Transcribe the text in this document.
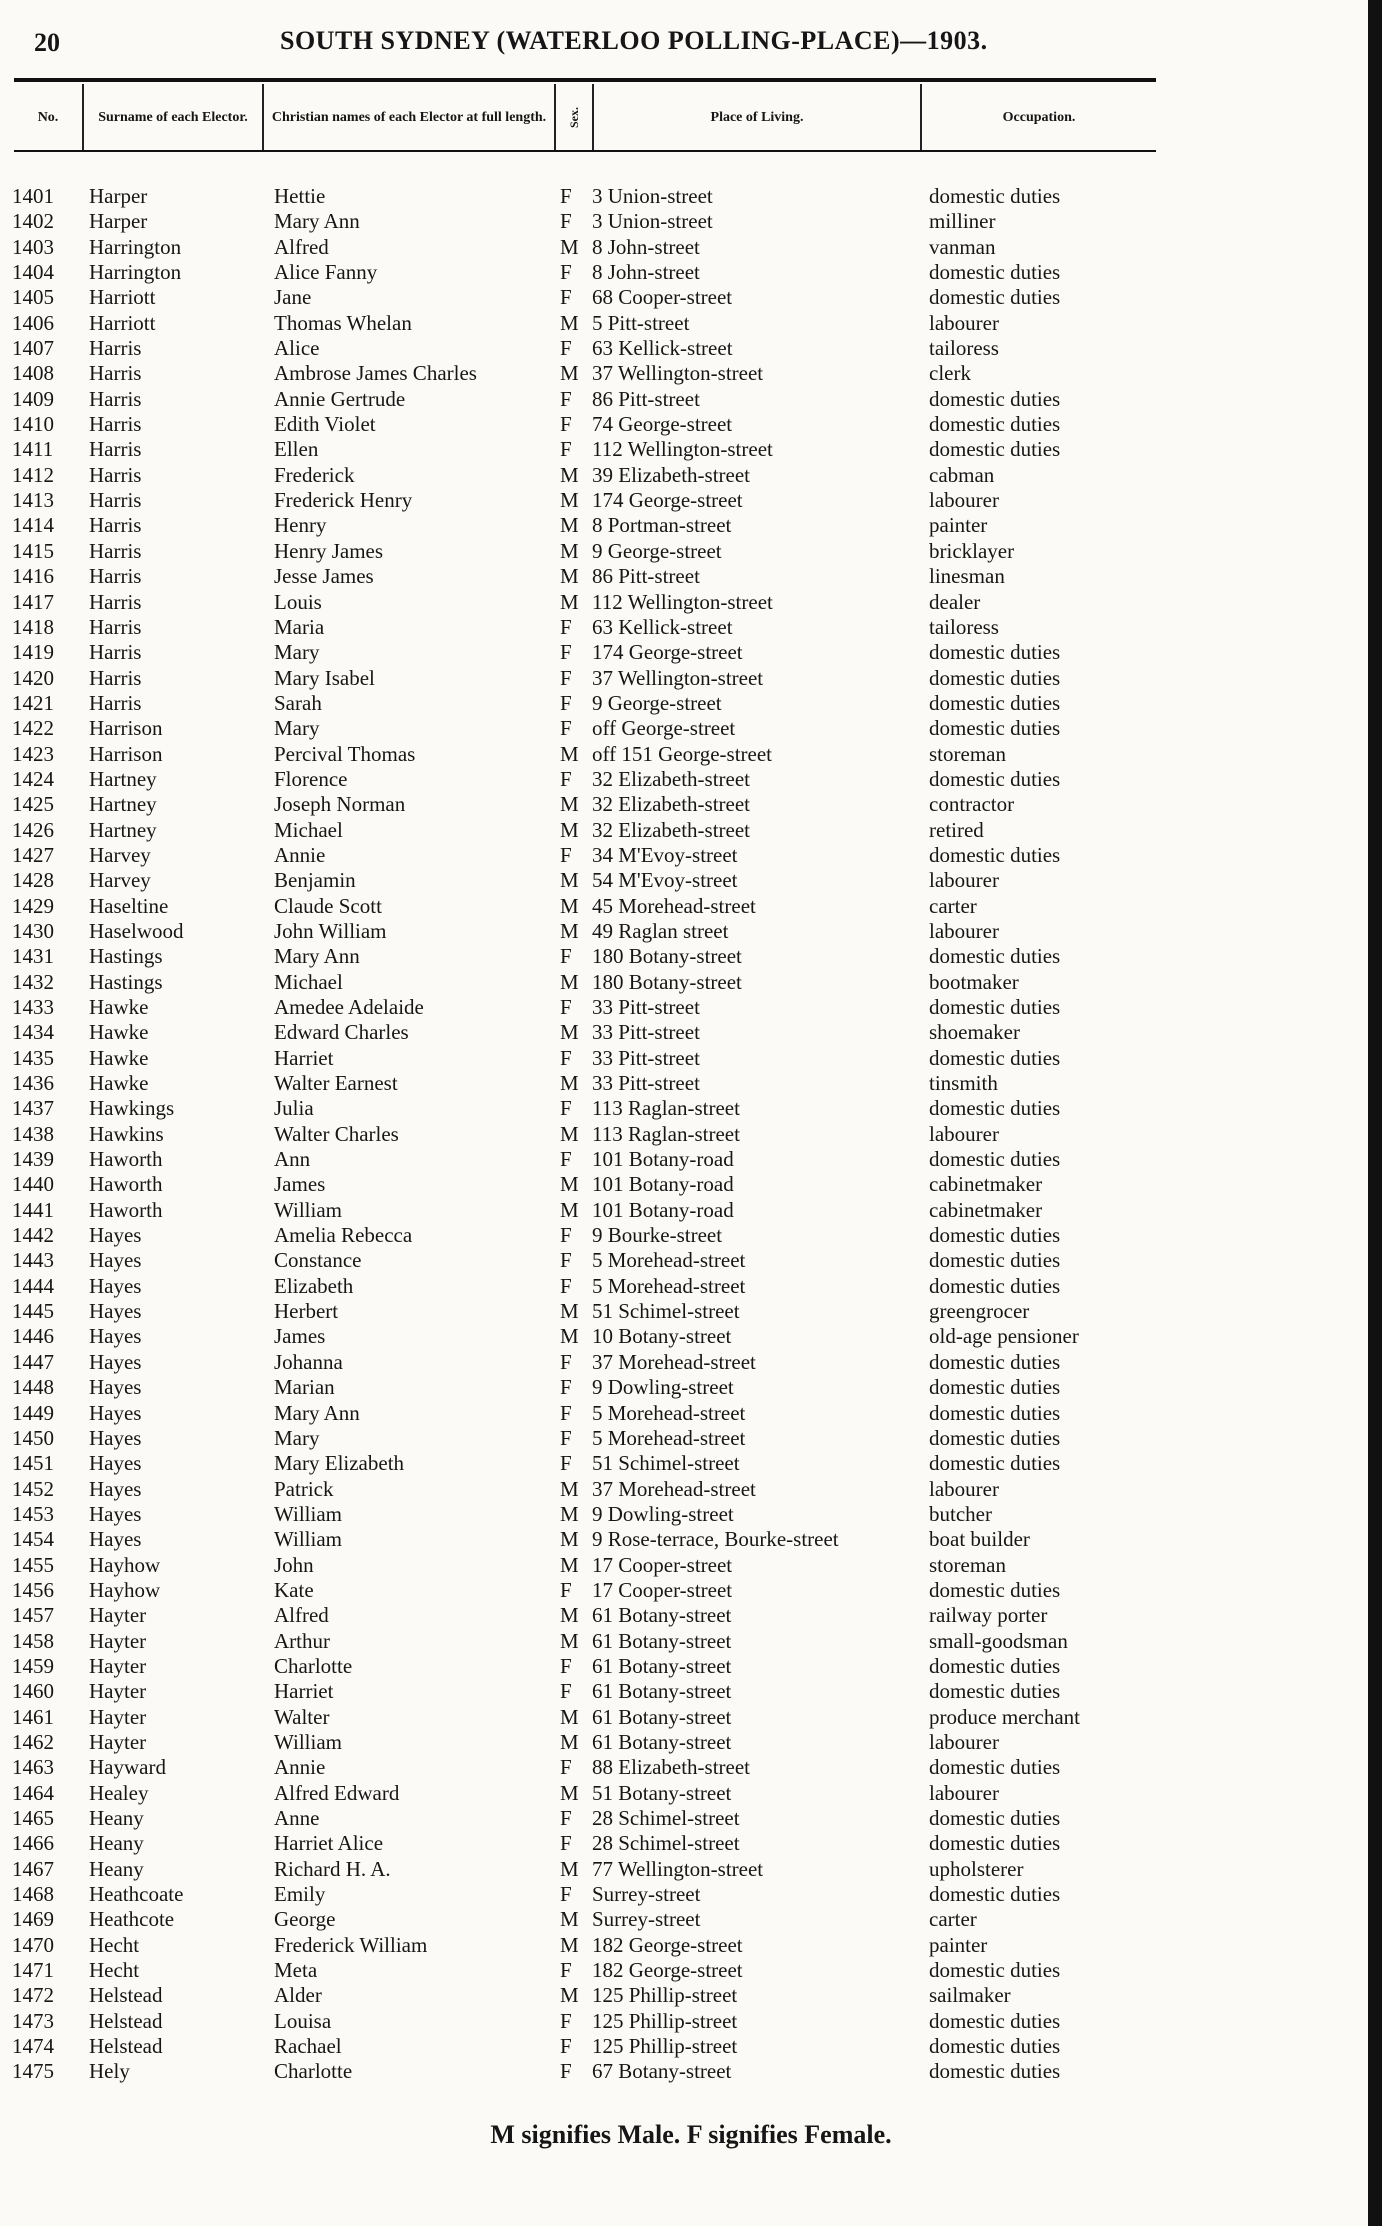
20	SOUTH SYDNEY (WATERLOO POLLING-PLACE)—1903.
No.	Surname of each Elector. Christian names of each Elector at full length. Sex.	Place of Living.	Occupation.
1401	Harper	Hettie	F 3 Union-street	domestic duties
1402	Harper	Mary Ann	F 3 Union-street	milliner
1403	Harrington	Alfred	M 8 John-street	vanman
1404	Harrington	Alice Fanny	F 8 John-street	domestic duties
1405	Harriott	Jane	F 68 Cooper-street	domestic duties
1406	Harriott	Thomas Whelan	M 5 Pitt-street	labourer
1407	Harris	Alice	F 63 Kellick-street	tailoress
1408	Harris	Ambrose James Charles	M 37 Wellington-street	clerk
1409	Harris	Annie Gertrude	F 86 Pitt-street	domestic duties
1410	Harris	Edith Violet	F 74 George-street	domestic duties
1411	Harris	Ellen	F 112 Wellington-street	domestic duties
1412	Harris	Frederick	M 39 Elizabeth-street	cabman
1413	Harris	Frederick Henry	M 174 George-street	labourer
1414	Harris	Henry	M 8 Portman-street	painter
1415	Harris	Henry James	M 9 George-street	bricklayer
1416	Harris	Jesse James	M 86 Pitt-street	linesman
1417	Harris	Louis	M 112 Wellington-street	dealer
1418	Harris	Maria	F 63 Kellick-street	tailoress
1419	Harris	Mary	F 174 George-street	domestic duties
1420	Harris	Mary Isabel	F 37 Wellington-street	domestic duties
1421	Harris	Sarah	F 9 George-street	domestic duties
1422	Harrison	Mary	F off George-street	domestic duties
1423	Harrison	Percival Thomas	M off 151 George-street	storeman
1424	Hartney	Florence	F 32 Elizabeth-street	domestic duties
1425	Hartney	Joseph Norman	M 32 Elizabeth-street	contractor
1426	Hartney	Michael	M 32 Elizabeth-street	retired
1427	Harvey	Annie	F 34 M'Evoy-street	domestic duties
1428	Harvey	Benjamin	M 54 M'Evoy-street	labourer
1429	Haseltine	Claude Scott	M 45 Morehead-street	carter
1430	Haselwood	John William	M 49 Raglan street	labourer
1431	Hastings	Mary Ann	F 180 Botany-street	domestic duties
1432	Hastings	Michael	M 180 Botany-street	bootmaker
1433	Hawke	Amedee Adelaide	F 33 Pitt-street	domestic duties
1434	Hawke	Edward Charles	M 33 Pitt-street	shoemaker
1435	Hawke	Harriet	F 33 Pitt-street	domestic duties
1436	Hawke	Walter Earnest	M 33 Pitt-street	tinsmith
1437	Hawkings	Julia	F 113 Raglan-street	domestic duties
1438	Hawkins	Walter Charles	M 113 Raglan-street	labourer
1439	Haworth	Ann	F 101 Botany-road	domestic duties
1440	Haworth	James	M 101 Botany-road	cabinetmaker
1441	Haworth	William	M 101 Botany-road	cabinetmaker
1442	Hayes	Amelia Rebecca	F 9 Bourke-street	domestic duties
1443	Hayes	Constance	F 5 Morehead-street	domestic duties
1444	Hayes	Elizabeth	F 5 Morehead-street	domestic duties
1445	Hayes	Herbert	M 51 Schimel-street	greengrocer
1446	Hayes	James	M 10 Botany-street	old-age pensioner
1447	Hayes	Johanna	F 37 Morehead-street	domestic duties
1448	Hayes	Marian	F 9 Dowling-street	domestic duties
1449	Hayes	Mary Ann	F 5 Morehead-street	domestic duties
1450	Hayes	Mary	F 5 Morehead-street	domestic duties
1451	Hayes	Mary Elizabeth	F 51 Schimel-street	domestic duties
1452	Hayes	Patrick	M 37 Morehead-street	labourer
1453	Hayes	William	M 9 Dowling-street	butcher
1454	Hayes	William	M 9 Rose-terrace, Bourke-street	boat builder
1455	Hayhow	John	M 17 Cooper-street	storeman
1456	Hayhow	Kate	F 17 Cooper-street	domestic duties
1457	Hayter	Alfred	M 61 Botany-street	railway porter
1458	Hayter	Arthur	M 61 Botany-street	small-goodsman
1459	Hayter	Charlotte	F 61 Botany-street	domestic duties
1460	Hayter	Harriet	F 61 Botany-street	domestic duties
1461	Hayter	Walter	M 61 Botany-street	produce merchant
1462	Hayter	William	M 61 Botany-street	labourer
1463	Hayward	Annie	F 88 Elizabeth-street	domestic duties
1464	Healey	Alfred Edward	M 51 Botany-street	labourer
1465	Heany	Anne	F 28 Schimel-street	domestic duties
1466	Heany	Harriet Alice	F 28 Schimel-street	domestic duties
1467	Heany	Richard H. A.	M 77 Wellington-street	upholsterer
1468	Heathcoate	Emily	F Surrey-street	domestic duties
1469	Heathcote	George	M Surrey-street	carter
1470	Hecht	Frederick William	M 182 George-street	painter
1471	Hecht	Meta	F 182 George-street	domestic duties
1472	Helstead	Alder	M 125 Phillip-street	sailmaker
1473	Helstead	Louisa	F 125 Phillip-street	domestic duties
1474	Helstead	Rachael	F 125 Phillip-street	domestic duties
1475	Hely	Charlotte	F 67 Botany-street	domestic duties
M signifies Male. F signifies Female.
